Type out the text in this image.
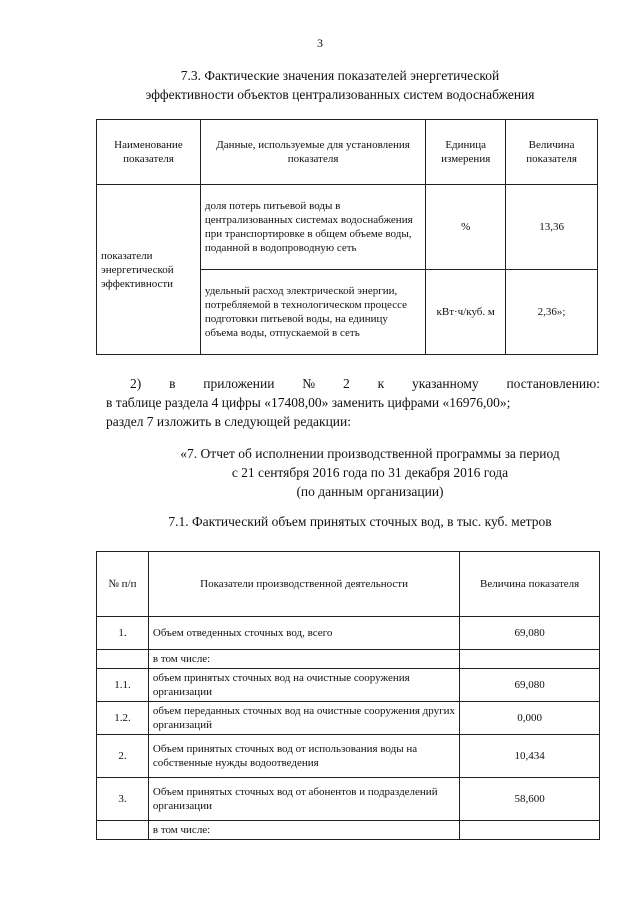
3
7.3. Фактические значения показателей энергетической
эффективности объектов централизованных систем водоснабжения
Наименование показателя	Данные, используемые для установления показателя	Единица измерения	Величина показателя
показатели энергетической эффективности	доля потерь питьевой воды в централизованных системах водоснабжения при транспортировке в общем объеме воды, поданной в водопроводную сеть	%	13,36
	удельный расход электрической энергии, потребляемой в технологическом процессе подготовки питьевой воды, на единицу объема воды, отпускаемой в сеть	кВт·ч/куб. м	2,36»;
2) в приложении № 2 к указанному постановлению:
в таблице раздела 4 цифры «17408,00» заменить цифрами «16976,00»;
раздел 7 изложить в следующей редакции:
«7. Отчет об исполнении производственной программы за период
с 21 сентября 2016 года по 31 декабря 2016 года
(по данным организации)
7.1. Фактический объем принятых сточных вод, в тыс. куб. метров
№ п/п	Показатели производственной деятельности	Величина показателя
1.	Объем отведенных сточных вод, всего	69,080
	в том числе:	
1.1.	объем принятых сточных вод на очистные сооружения организации	69,080
1.2.	объем переданных сточных вод на очистные сооружения других организаций	0,000
2.	Объем принятых сточных вод от использования воды на собственные нужды водоотведения	10,434
3.	Объем принятых сточных вод от абонентов и подразделений организации	58,600
	в том числе:	
